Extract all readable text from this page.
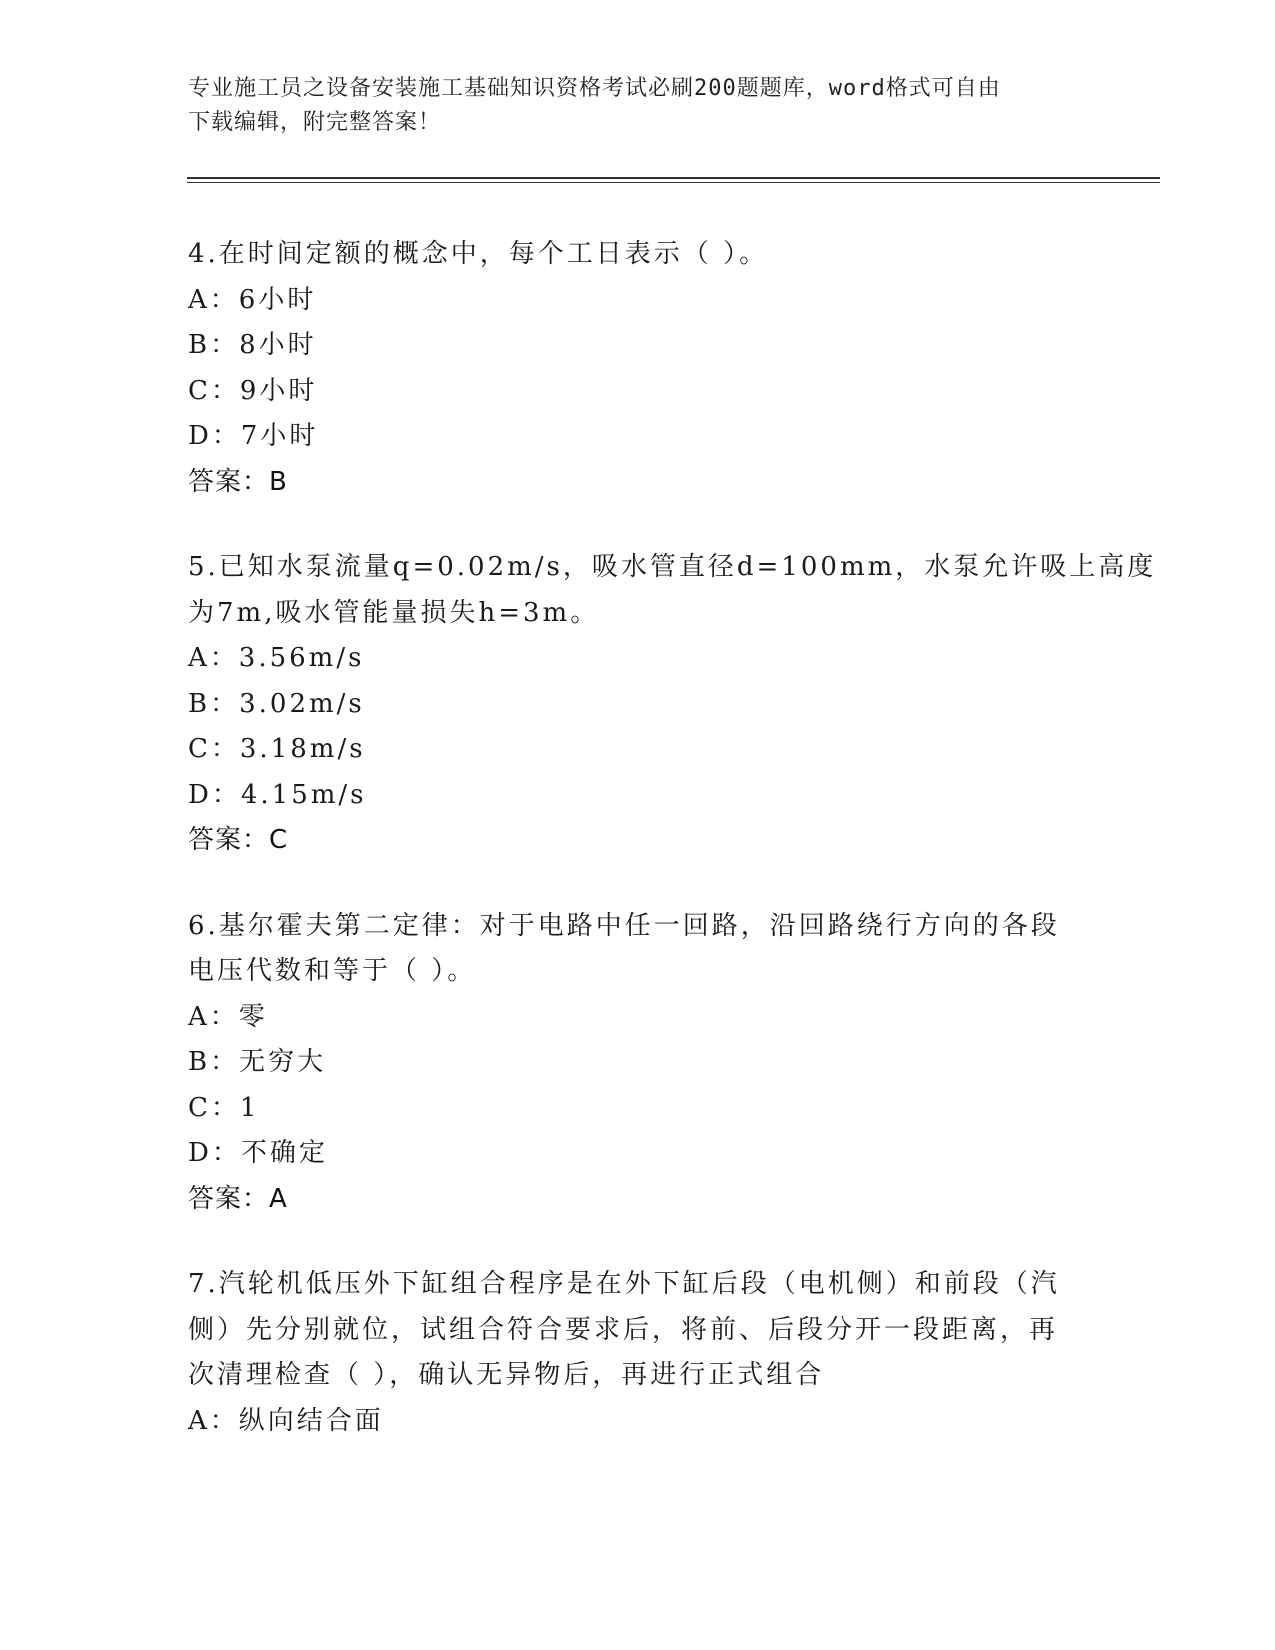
专业施工员之设备安装施工基础知识资格考试必刷200题题库，word格式可自由
下载编辑，附完整答案！
4.在时间定额的概念中，每个工日表示（ ）。
A：6小时
B：8小时
C：9小时
D：7小时
答案：B
5.已知水泵流量q=0.02m/s，吸水管直径d=100mm，水泵允许吸上高度
为7m,吸水管能量损失h=3m。
A：3.56m/s
B：3.02m/s
C：3.18m/s
D：4.15m/s
答案：C
6.基尔霍夫第二定律：对于电路中任一回路，沿回路绕行方向的各段
电压代数和等于（ ）。
A：零
B：无穷大
C：1
D：不确定
答案：A
7.汽轮机低压外下缸组合程序是在外下缸后段（电机侧）和前段（汽
侧）先分别就位，试组合符合要求后，将前、后段分开一段距离，再
次清理检查（ ），确认无异物后，再进行正式组合
A：纵向结合面
